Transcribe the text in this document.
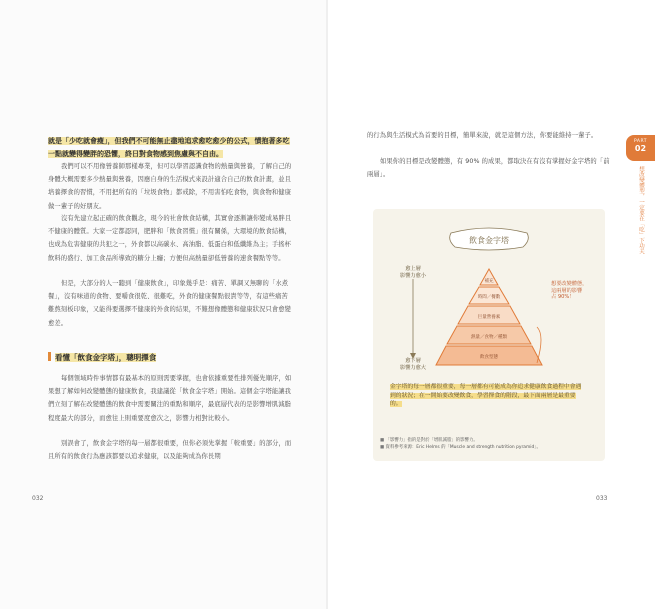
就是「少吃就會瘦」，但我們不可能無止盡地追求愈吃愈少的公式，憤抱著多吃一點就變得變胖的恐懼，終日對食物感到焦慮與不自由。
我們可以不用像營養師那樣專業，但可以學習認識食物的熱量與營養，了解自己的身體大概需要多少熱量與營養，因應自身的生活模式來設計適合自己的飲食計畫，並且培養擇食的習慣，不用把所有的「垃圾食物」都戒除，不用害怕吃食物，與食物和健康做一輩子的好朋友。
沒有先建立起正確的飲食觀念，現今的社會飲食結構，其實會逐漸讓你變成易胖且不健康的體質。大家一定都認同，肥胖和「飲食習慣」很有關係，大環境的飲食結構，也成為危害健康的共犯之一，外食都以高碳水、高油脂、低蛋白和低纖維為主；手搖杯飲料的盛行、加工食品所導致的糖分上癮；方便但高熱量卻低營養的速食餐點等等。
但是，大部分的人一聽到「健康飲食」，印象幾乎是：痛苦、單調又無聊的「水煮餐」，沒有味道的食物、要嚼食很乾、很難吃，外食的健康餐點很貴等等，有這些痛苦難熬刻板印象，又能得要選擇不健康的外食的結果，不難想像體態和健康狀況只會愈變愈差。
看懂「飲食金字塔」，聰明擇食
每個領域時件事情都有最基本的原則需要掌握，也會依據重要性排列優先順序，如果想了解如何改變體態的健康飲食，我建議從「飲食金字塔」開始。這個金字塔能讓我們立刻了解在改變體態的飲食中需要關注的重點和順序，最底層代表的是影響增肌減脂程度最大的部分，而愈往上則重要度愈次之，影響力相對比較小。
別誤會了，飲食金字塔的每一層都很重要，但你必須先掌握「較重要」的部分，而且所有的飲食行為應該都要以追求健康，以及能夠成為你長期
032
的行為與生活模式為首要的目標，簡單來說，就是這個方法，你要能維持一輩子。
如果你的目標是改變體態，有 90% 的成果，都取決在有沒有掌握好金字塔的「前兩層」。
PART
02
想改變體型，一定要在「吃」下功夫
飲食金字塔
補充
時間／餐數
巨量營養素
熱量／食物／種類
飲食型態
愈上層
影響力愈小
愈下層
影響力愈大
想要改變體態，
這兩層的影響
占 90%！
金字塔的每一層都很重要，每一層都有可能成為你追求健康飲食過程中會遇到的狀況；在一開始要改變飲食，學習擇食的階段，最下面兩層是最重要的。
■ 「影響力」指的是對於「增肌減脂」的影響力。
■ 資料參考來源：Eric Helms 的「Muscle and strength nutrition pyramid」。
033
